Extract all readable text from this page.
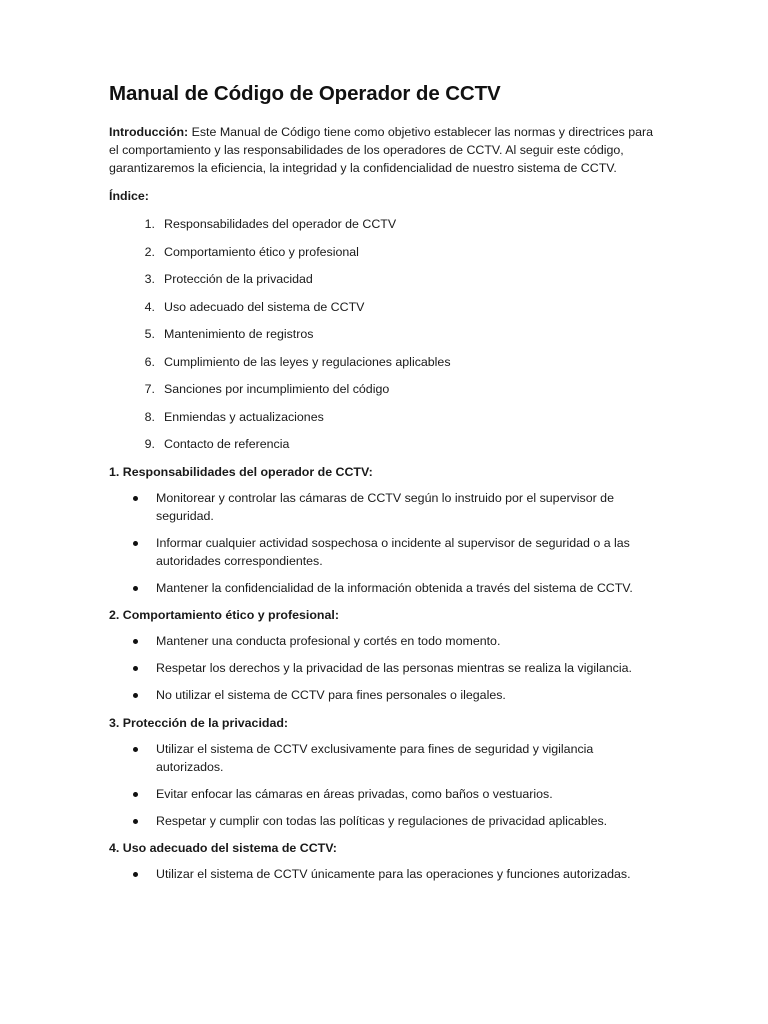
Manual de Código de Operador de CCTV

Introducción: Este Manual de Código tiene como objetivo establecer las normas y directrices para el comportamiento y las responsabilidades de los operadores de CCTV. Al seguir este código, garantizaremos la eficiencia, la integridad y la confidencialidad de nuestro sistema de CCTV.

Índice:

1. Responsabilidades del operador de CCTV
2. Comportamiento ético y profesional
3. Protección de la privacidad
4. Uso adecuado del sistema de CCTV
5. Mantenimiento de registros
6. Cumplimiento de las leyes y regulaciones aplicables
7. Sanciones por incumplimiento del código
8. Enmiendas y actualizaciones
9. Contacto de referencia

1. Responsabilidades del operador de CCTV:

Monitorear y controlar las cámaras de CCTV según lo instruido por el supervisor de seguridad.
Informar cualquier actividad sospechosa o incidente al supervisor de seguridad o a las autoridades correspondientes.
Mantener la confidencialidad de la información obtenida a través del sistema de CCTV.

2. Comportamiento ético y profesional:

Mantener una conducta profesional y cortés en todo momento.
Respetar los derechos y la privacidad de las personas mientras se realiza la vigilancia.
No utilizar el sistema de CCTV para fines personales o ilegales.

3. Protección de la privacidad:

Utilizar el sistema de CCTV exclusivamente para fines de seguridad y vigilancia autorizados.
Evitar enfocar las cámaras en áreas privadas, como baños o vestuarios.
Respetar y cumplir con todas las políticas y regulaciones de privacidad aplicables.

4. Uso adecuado del sistema de CCTV:

Utilizar el sistema de CCTV únicamente para las operaciones y funciones autorizadas.
